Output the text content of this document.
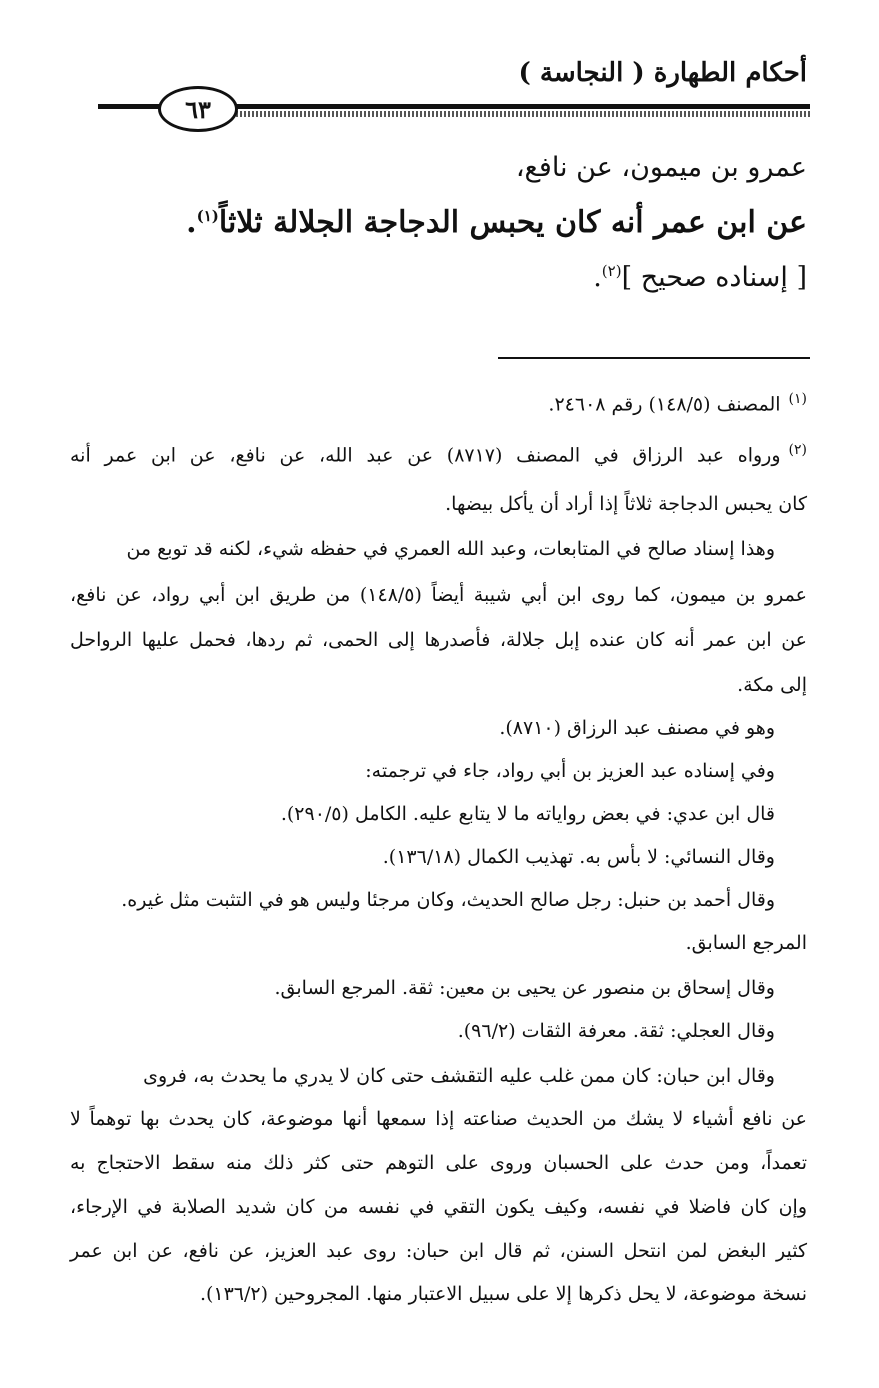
أحكام الطهارة ( النجاسة )
٦٣
عمرو بن ميمون، عن نافع،
عن ابن عمر أنه كان يحبس الدجاجة الجلالة ثلاثاً$^{(١)}$.
[ إسناده صحيح ]$^{(٢)}$.
$^{(١)}$المصنف (١٤٨/٥) رقم ٢٤٦٠٨.
$^{(٢)}$ورواه عبد الرزاق في المصنف (٨٧١٧) عن عبد الله، عن نافع، عن ابن عمر أنه
كان يحبس الدجاجة ثلاثاً إذا أراد أن يأكل بيضها.
وهذا إسناد صالح في المتابعات، وعبد الله العمري في حفظه شيء، لكنه قد توبع من
عمرو بن ميمون، كما روى ابن أبي شيبة أيضاً (١٤٨/٥) من طريق ابن أبي رواد، عن نافع،
عن ابن عمر أنه كان عنده إبل جلالة، فأصدرها إلى الحمى، ثم ردها، فحمل عليها الرواحل
إلى مكة.
وهو في مصنف عبد الرزاق (٨٧١٠).
وفي إسناده عبد العزيز بن أبي رواد، جاء في ترجمته:
قال ابن عدي: في بعض رواياته ما لا يتابع عليه. الكامل (٢٩٠/٥).
وقال النسائي: لا بأس به. تهذيب الكمال (١٣٦/١٨).
وقال أحمد بن حنبل: رجل صالح الحديث، وكان مرجئا وليس هو في التثبت مثل غيره.
المرجع السابق.
وقال إسحاق بن منصور عن يحيى بن معين: ثقة. المرجع السابق.
وقال العجلي: ثقة. معرفة الثقات (٩٦/٢).
وقال ابن حبان: كان ممن غلب عليه التقشف حتى كان لا يدري ما يحدث به، فروى
عن نافع أشياء لا يشك من الحديث صناعته إذا سمعها أنها موضوعة، كان يحدث بها توهماً لا
تعمداً، ومن حدث على الحسبان وروى على التوهم حتى كثر ذلك منه سقط الاحتجاج به
وإن كان فاضلا في نفسه، وكيف يكون التقي في نفسه من كان شديد الصلابة في الإرجاء،
كثير البغض لمن انتحل السنن، ثم قال ابن حبان: روى عبد العزيز، عن نافع، عن ابن عمر
نسخة موضوعة، لا يحل ذكرها إلا على سبيل الاعتبار منها. المجروحين (١٣٦/٢).
